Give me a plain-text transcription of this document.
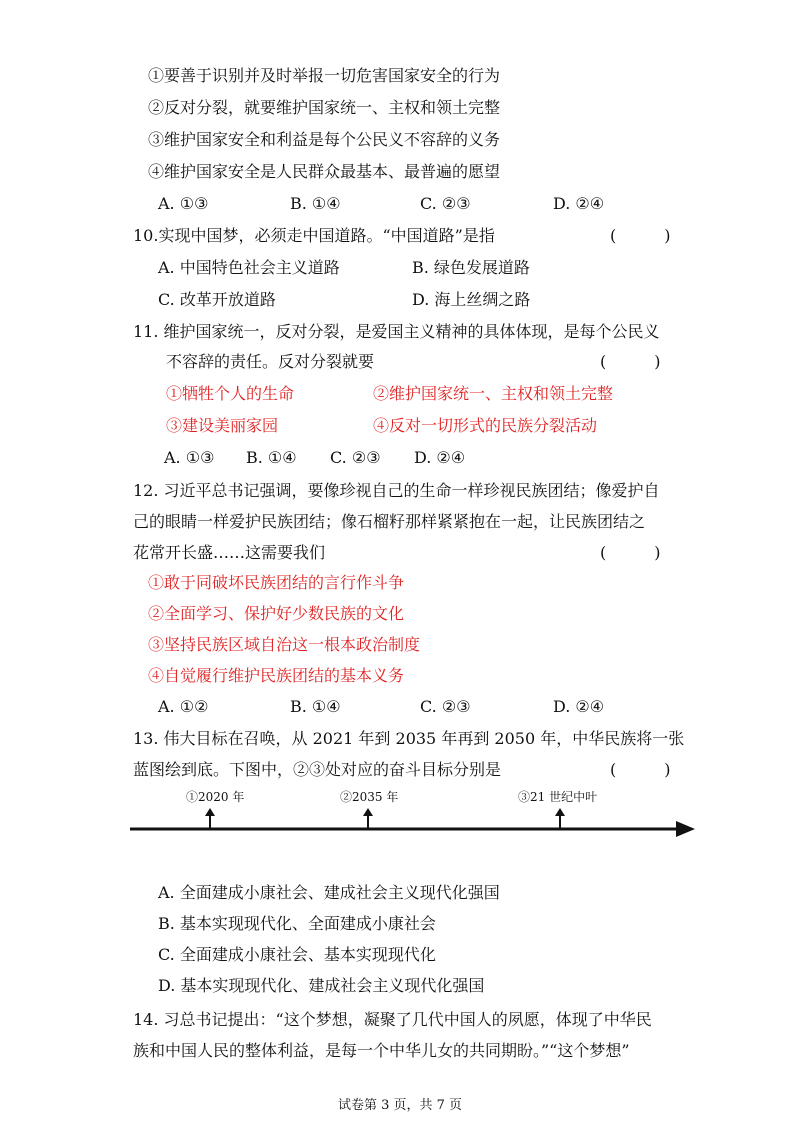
①要善于识别并及时举报一切危害国家安全的行为
②反对分裂，就要维护国家统一、主权和领土完整
③维护国家安全和利益是每个公民义不容辞的义务
④维护国家安全是人民群众最基本、最普遍的愿望
A. ①③	B. ①④	C. ②③	D. ②④
10.实现中国梦，必须走中国道路。“中国道路”是指	(　　　)
A. 中国特色社会主义道路	B. 绿色发展道路
C. 改革开放道路	D. 海上丝绸之路
11. 维护国家统一，反对分裂，是爱国主义精神的具体体现，是每个公民义
不容辞的责任。反对分裂就要	(　　　)
①牺牲个人的生命	②维护国家统一、主权和领土完整
③建设美丽家园	④反对一切形式的民族分裂活动
A. ①③ B. ①④ C. ②③ D. ②④
12. 习近平总书记强调，要像珍视自己的生命一样珍视民族团结；像爱护自
己的眼睛一样爱护民族团结；像石榴籽那样紧紧抱在一起，让民族团结之
花常开长盛……这需要我们	(　　　)
①敢于同破坏民族团结的言行作斗争
②全面学习、保护好少数民族的文化
③坚持民族区域自治这一根本政治制度
④自觉履行维护民族团结的基本义务
A. ①②	B. ①④	C. ②③	D. ②④
13. 伟大目标在召唤，从 2021 年到 2035 年再到 2050 年，中华民族将一张
蓝图绘到底。下图中，②③处对应的奋斗目标分别是	(　　　)
①2020 年	②2035 年	③21 世纪中叶
A. 全面建成小康社会、建成社会主义现代化强国
B. 基本实现现代化、全面建成小康社会
C. 全面建成小康社会、基本实现现代化
D. 基本实现现代化、建成社会主义现代化强国
14. 习总书记提出：“这个梦想，凝聚了几代中国人的夙愿，体现了中华民
族和中国人民的整体利益，是每一个中华儿女的共同期盼。”“这个梦想”
试卷第 3 页，共 7 页
